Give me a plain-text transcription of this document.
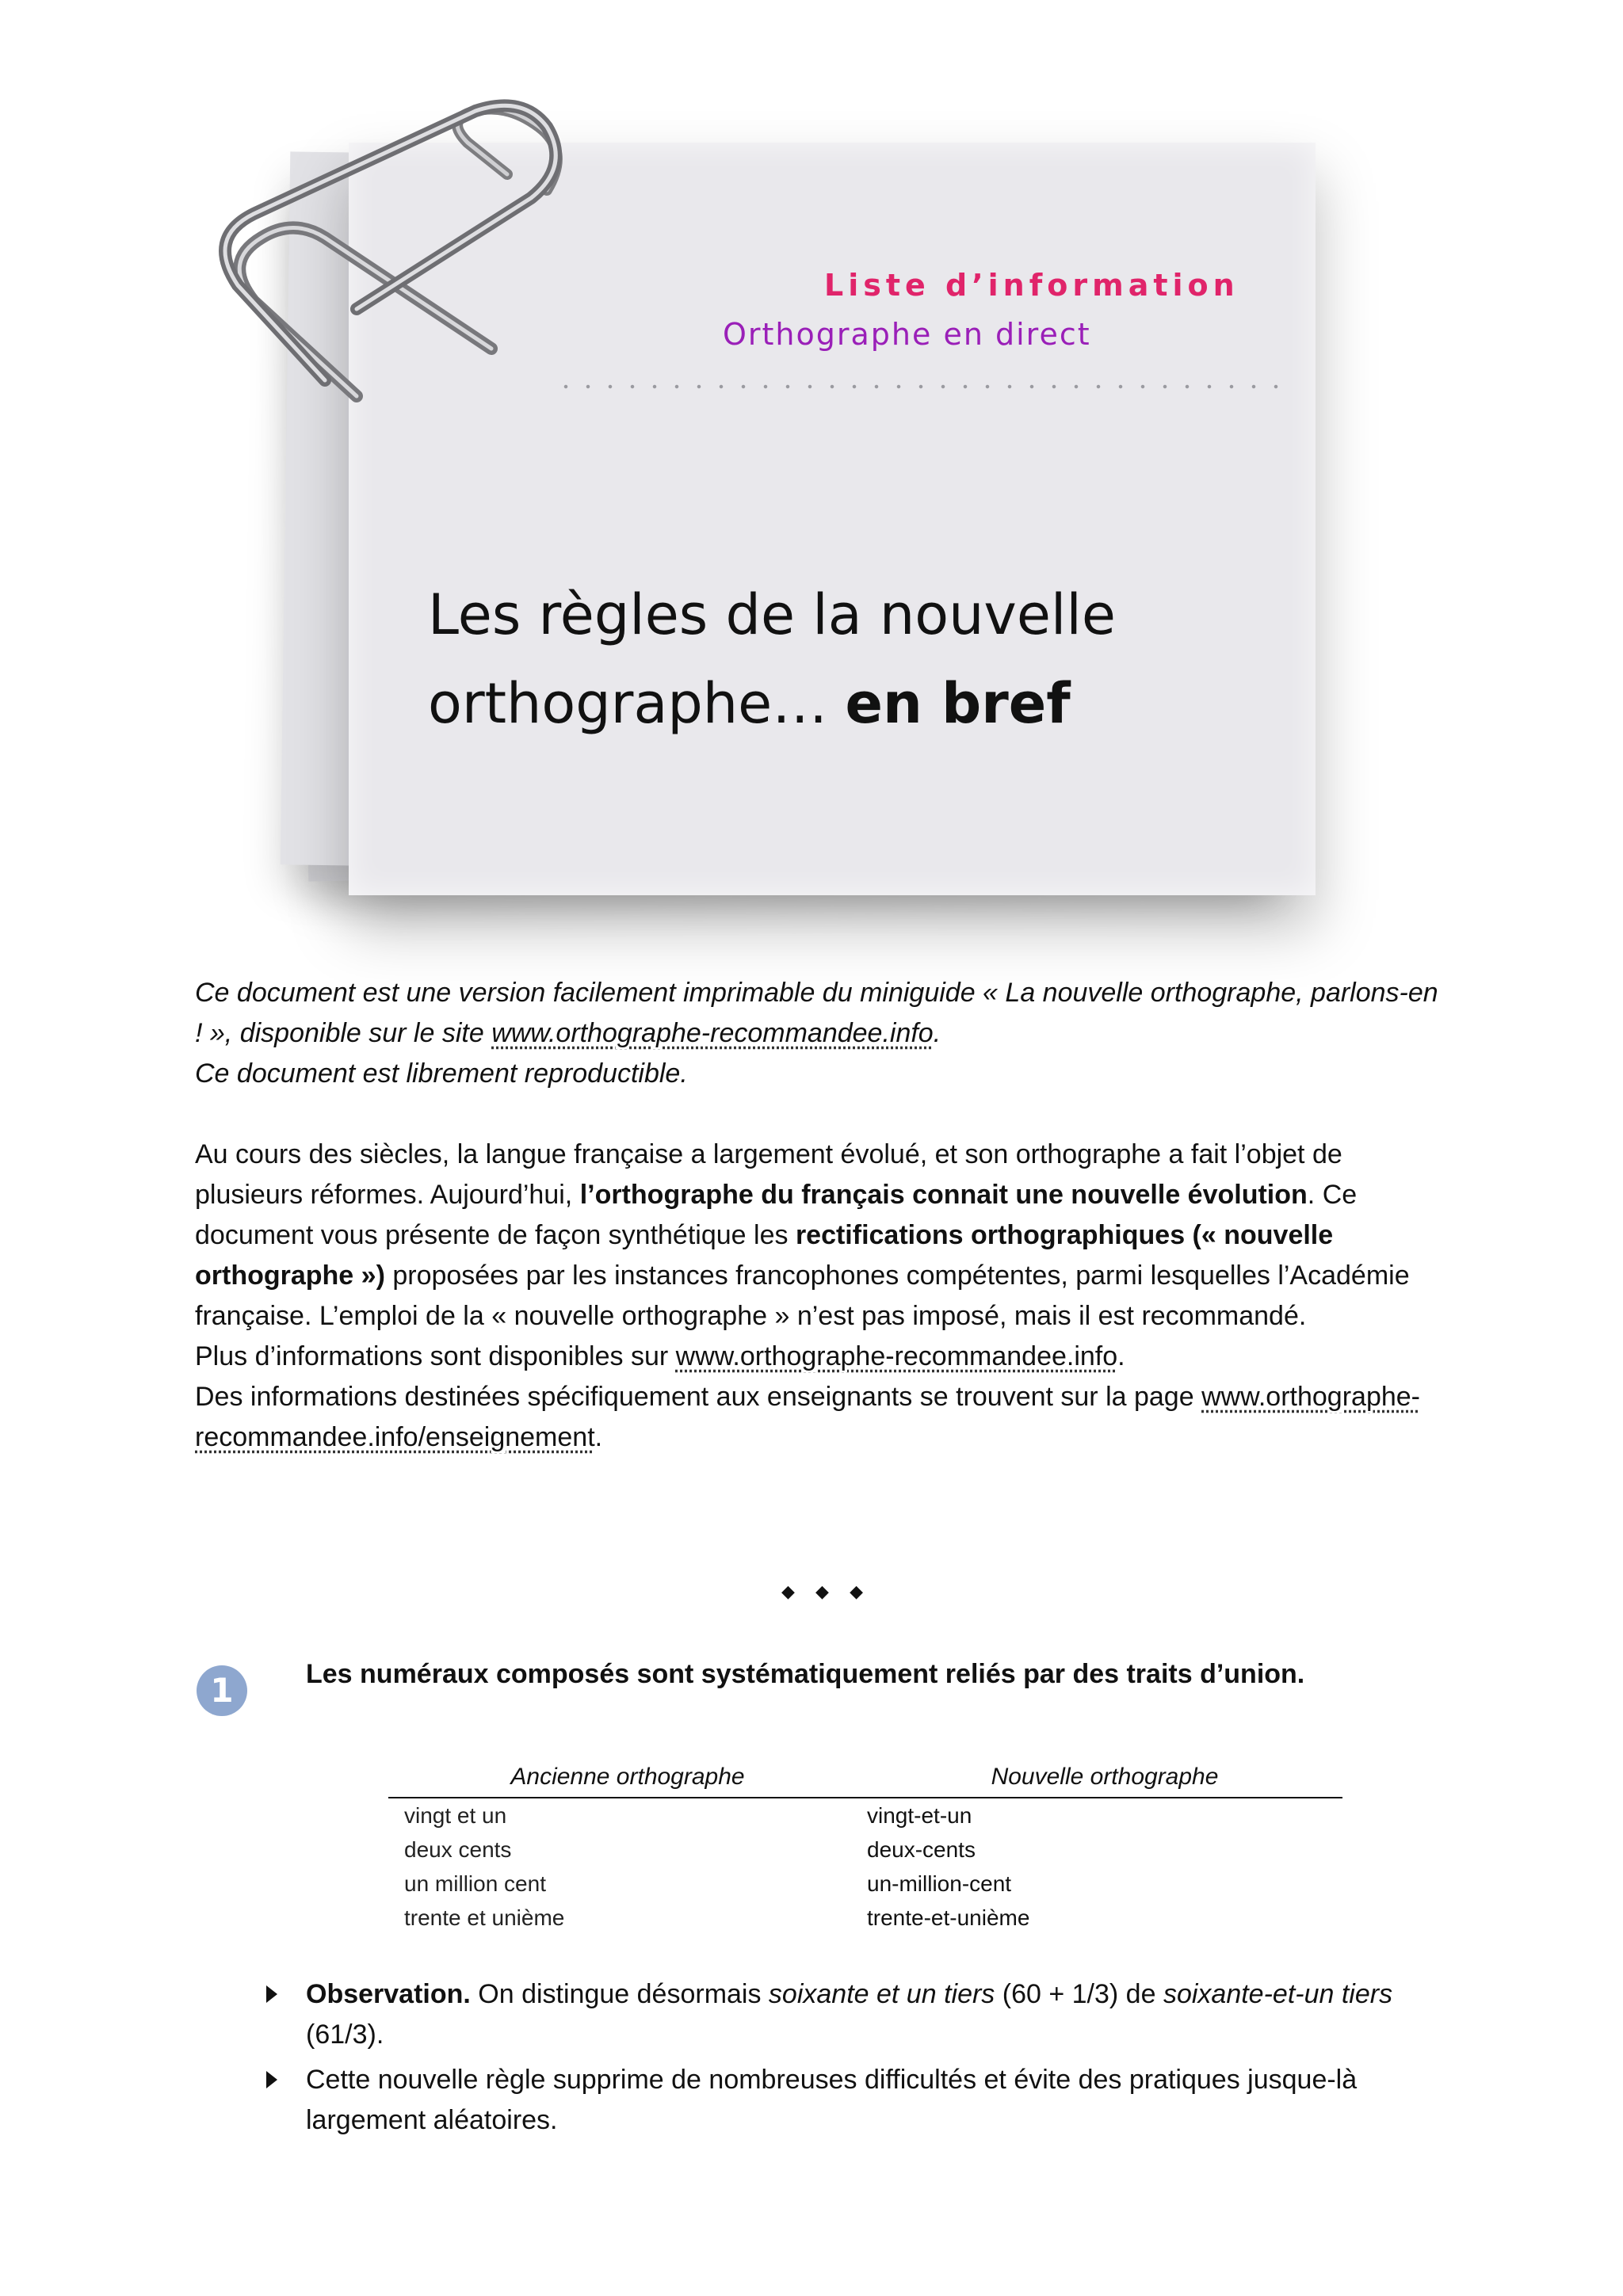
Liste d’information
Orthographe en direct
Les règles de la nouvelle
orthographe… en bref
Ce document est une version facilement imprimable du miniguide « La nouvelle orthographe, parlons-en ! », disponible sur le site www.orthographe-recommandee.info.
Ce document est librement reproductible.
Au cours des siècles, la langue française a largement évolué, et son orthographe a fait l’objet de plusieurs réformes. Aujourd’hui, l’orthographe du français connait une nouvelle évolution. Ce document vous présente de façon synthétique les rectifications orthographiques (« nouvelle orthographe ») proposées par les instances francophones compétentes, parmi lesquelles l’Académie française. L’emploi de la « nouvelle orthographe » n’est pas imposé, mais il est recommandé.
Plus d’informations sont disponibles sur www.orthographe-recommandee.info.
Des informations destinées spécifiquement aux enseignants se trouvent sur la page www.orthographe-recommandee.info/enseignement.
◆ ◆ ◆
1	Les numéraux composés sont systématiquement reliés par des traits d’union.
Ancienne orthographe	Nouvelle orthographe
vingt et un	vingt-et-un
deux cents	deux-cents
un million cent	un-million-cent
trente et unième	trente-et-unième
Observation. On distingue désormais soixante et un tiers (60 + 1/3) de soixante-et-un tiers (61/3).
Cette nouvelle règle supprime de nombreuses difficultés et évite des pratiques jusque-là largement aléatoires.
